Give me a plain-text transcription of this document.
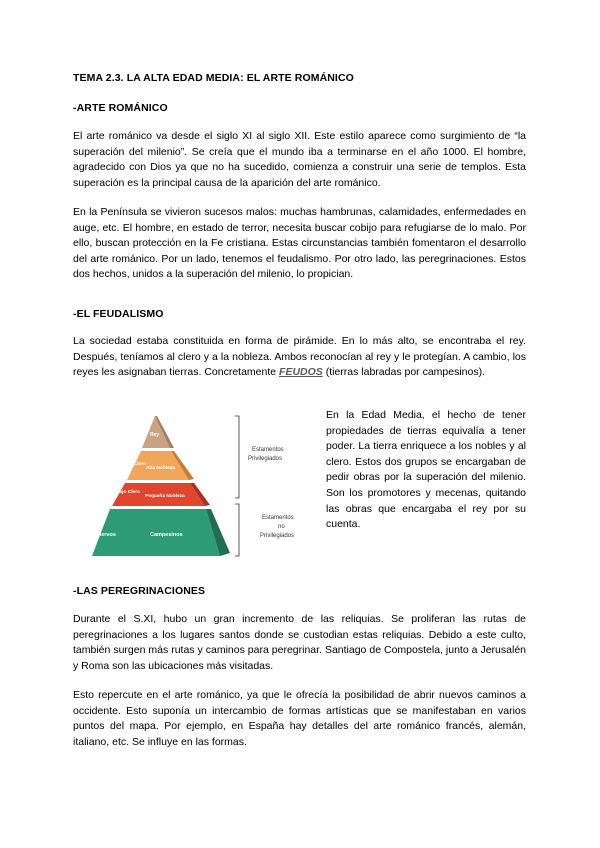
TEMA 2.3. LA ALTA EDAD MEDIA: EL ARTE ROMÁNICO
-ARTE ROMÁNICO
El arte románico va desde el siglo XI al siglo XII. Este estilo aparece como surgimiento de “la superación del milenio”. Se creía que el mundo iba a terminarse en el año 1000. El hombre, agradecido con Dios ya que no ha sucedido, comienza a construir una serie de templos. Esta superación es la principal causa de la aparición del arte románico.
En la Península se vivieron sucesos malos: muchas hambrunas, calamidades, enfermedades en auge, etc. El hombre, en estado de terror, necesita buscar cobijo para refugiarse de lo malo. Por ello, buscan protección en la Fe cristiana. Estas circunstancias también fomentaron el desarrollo del arte románico. Por un lado, tenemos el feudalismo. Por otro lado, las peregrinaciones. Estos dos hechos, unidos a la superación del milenio, lo propician.
-EL FEUDALISMO
La sociedad estaba constituida en forma de pirámide. En lo más alto, se encontraba el rey. Después, teníamos al clero y a la nobleza. Ambos reconocían al rey y le protegían. A cambio, los reyes les asignaban tierras. Concretamente FEUDOS (tierras labradas por campesinos).
Rey
Alto Clero
Alta Nobleza
Bajo Clero
Pequeña Nobleza
Siervos	Campesinos
Estamentos Privilegiados
Estamentos no Privilegiados
En la Edad Media, el hecho de tener propiedades de tierras equivalía a tener poder. La tierra enriquece a los nobles y al clero. Estos dos grupos se encargaban de pedir obras por la superación del milenio. Son los promotores y mecenas, quitando las obras que encargaba el rey por su cuenta.
-LAS PEREGRINACIONES
Durante el S.XI, hubo un gran incremento de las reliquias. Se proliferan las rutas de peregrinaciones a los lugares santos donde se custodian estas reliquias. Debido a este culto, también surgen más rutas y caminos para peregrinar. Santiago de Compostela, junto a Jerusalén y Roma son las ubicaciones más visitadas.
Esto repercute en el arte románico, ya que le ofrecía la posibilidad de abrir nuevos caminos a occidente. Esto suponía un intercambio de formas artísticas que se manifestaban en varios puntos del mapa. Por ejemplo, en España hay detalles del arte románico francés, alemán, italiano, etc. Se influye en las formas.
